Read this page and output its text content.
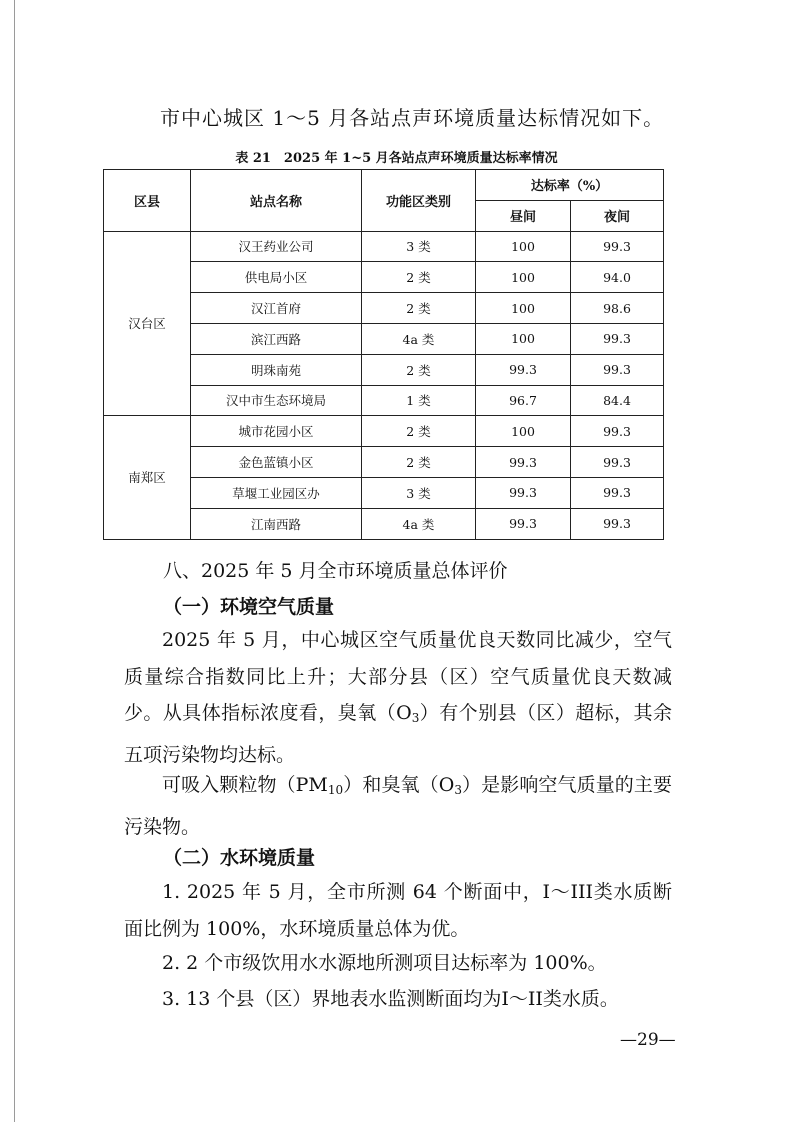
市中心城区 1～5 月各站点声环境质量达标情况如下。
表 21　2025 年 1~5 月各站点声环境质量达标率情况
区县	站点名称	功能区类别	达标率（%）	
			昼间	夜间
汉台区	汉王药业公司	3 类	100	99.3
	供电局小区	2 类	100	94.0
	汉江首府	2 类	100	98.6
	滨江西路	4a 类	100	99.3
	明珠南苑	2 类	99.3	99.3
	汉中市生态环境局	1 类	96.7	84.4
南郑区	城市花园小区	2 类	100	99.3
	金色蓝镇小区	2 类	99.3	99.3
	草堰工业园区办	3 类	99.3	99.3
	江南西路	4a 类	99.3	99.3
八、2025 年 5 月全市环境质量总体评价
（一）环境空气质量
2025 年 5 月，中心城区空气质量优良天数同比减少，空气质量综合指数同比上升；大部分县（区）空气质量优良天数减少。从具体指标浓度看，臭氧$(O_3)$有个别县（区）超标，其余五项污染物均达标。
可吸入颗粒物$(PM_{10})$和臭氧$(O_3)$是影响空气质量的主要污染物。
（二）水环境质量
1. 2025 年 5 月，全市所测 64 个断面中，I～III类水质断面比例为 100%，水环境质量总体为优。
2. 2 个市级饮用水水源地所测项目达标率为 100%。
3. 13 个县（区）界地表水监测断面均为I～II类水质。
—29—
